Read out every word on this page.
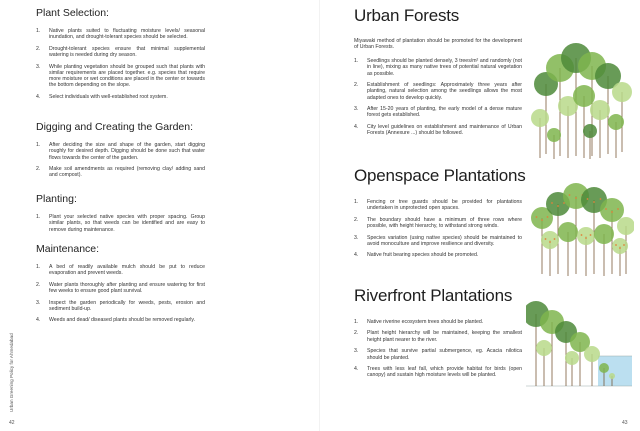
Plant Selection:
1. Native plants suited to fluctuating moisture levels/ seasonal inundation, and drought-tolerant species should be selected.
2. Drought-tolerant species ensure that minimal supplemental watering is needed during dry season.
3. While planting vegetation should be grouped such that plants with similar requirements are placed together. e.g. species that require more moisture or wet conditions are placed in the center or towards the bottom depending on the slope.
4. Select individuals with well-established root system.
Digging and Creating the Garden:
1. After deciding the size and shape of the garden, start digging roughly for desired depth. Digging should be done such that water flows towards the center of the garden.
2. Make soil amendments as required (removing clay/ adding sand and compost).
Planting:
1. Plant your selected native species with proper spacing. Group similar plants, so that weeds can be identified and are easy to remove during maintenance.
Maintenance:
1. A bed of readily available mulch should be put to reduce evaporation and prevent weeds.
2. Water plants thoroughly after planting and ensure watering for first few weeks to ensure good plant survival.
3. Inspect the garden periodically for weeds, pests, erosion and sediment build-up.
4. Weeds and dead/ diseased plants should be removed regularly.
Urban Greening Policy for Ahmedabad
42
Urban Forests
Miyawaki method of plantation should be promoted for the development of Urban Forests.
1. Seedlings should be planted densely, 3 trees/m² and randomly (not in line), mixing as many native trees of potential natural vegetation as possible.
2. Establishment of seedlings: Approximately three years after planting, natural selection among the seedlings allows the most adapted ones to develop quickly.
3. After 15-20 years of planting, the early model of a dense mature forest gets established.
4. City level guidelines on establishment and maintenance of Urban Forests (Annexure ...) should be followed.
Openspace Plantations
1. Fencing or tree guards should be provided for plantations undertaken in unprotected open spaces.
2. The boundary should have a minimum of three rows where possible, with height hierarchy, to withstand strong winds.
3. Species variation (using native species) should be maintained to avoid monoculture and improve resilience and diversity.
4. Native fruit bearing species should be promoted.
Riverfront Plantations
1. Native riverine ecosystem trees should be planted.
2. Plant height hierarchy will be maintained, keeping the smallest height plant nearer to the river.
3. Species that survive partial submergence, eg. Acacia nilotica should be planted.
4. Trees with less leaf fall, which provide habitat for birds (open canopy) and sustain high moisture levels will be planted.
43
